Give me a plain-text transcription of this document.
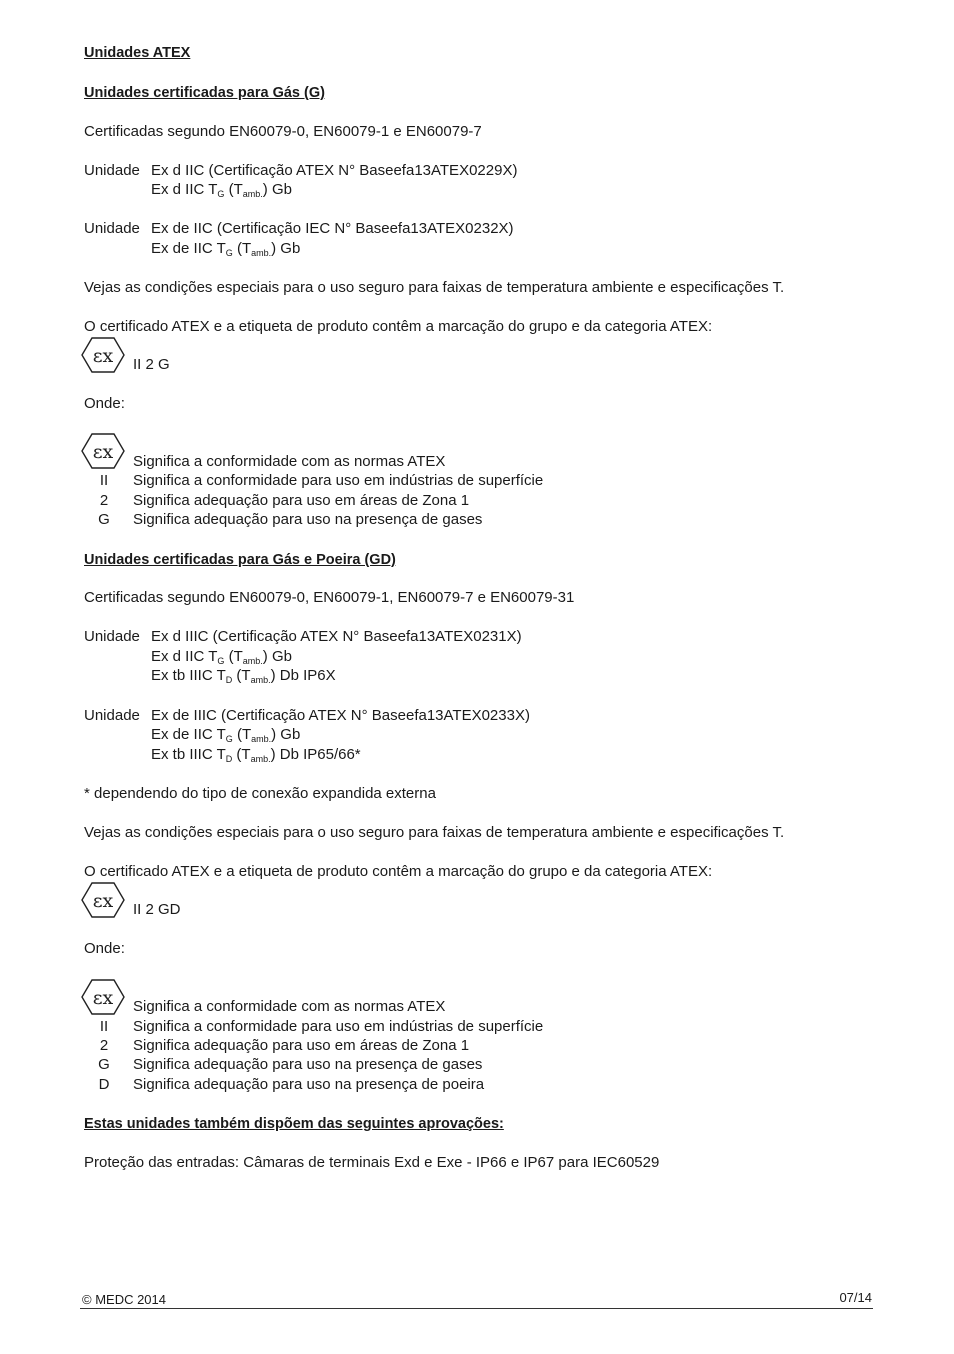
Unidades ATEX
Unidades certificadas para Gás (G)
Certificadas segundo EN60079-0, EN60079-1 e EN60079-7
Unidade Ex d IIC (Certificação ATEX N° Baseefa13ATEX0229X)
Ex d IIC $T_G$ $(T_{amb.})$ Gb
Unidade Ex de IIC (Certificação IEC N° Baseefa13ATEX0232X)
Ex de IIC $T_G$ $(T_{amb.})$ Gb
Vejas as condições especiais para o uso seguro para faixas de temperatura ambiente e especificações T.
O certificado ATEX e a etiqueta de produto contêm a marcação do grupo e da categoria ATEX:
εx II 2 G
Onde:
εx Significa a conformidade com as normas ATEX
II	Significa a conformidade para uso em indústrias de superfície
2	Significa adequação para uso em áreas de Zona 1
G	Significa adequação para uso na presença de gases
Unidades certificadas para Gás e Poeira (GD)
Certificadas segundo EN60079-0, EN60079-1, EN60079-7 e EN60079-31
Unidade Ex d IIIC (Certificação ATEX N° Baseefa13ATEX0231X)
Ex d IIC $T_G$ $(T_{amb.})$ Gb
Ex tb IIIC $T_D$ $(T_{amb.})$ Db IP6X
Unidade Ex de IIIC (Certificação ATEX N° Baseefa13ATEX0233X)
Ex de IIC $T_G$ $(T_{amb.})$ Gb
Ex tb IIIC $T_D$ $(T_{amb.})$ Db IP65/66*
* dependendo do tipo de conexão expandida externa
Vejas as condições especiais para o uso seguro para faixas de temperatura ambiente e especificações T.
O certificado ATEX e a etiqueta de produto contêm a marcação do grupo e da categoria ATEX:
εx II 2 GD
Onde:
εx Significa a conformidade com as normas ATEX
II	Significa a conformidade para uso em indústrias de superfície
2	Significa adequação para uso em áreas de Zona 1
G	Significa adequação para uso na presença de gases
D	Significa adequação para uso na presença de poeira
Estas unidades também dispõem das seguintes aprovações:
Proteção das entradas: Câmaras de terminais Exd e Exe - IP66 e IP67 para IEC60529
© MEDC 2014	07/14
